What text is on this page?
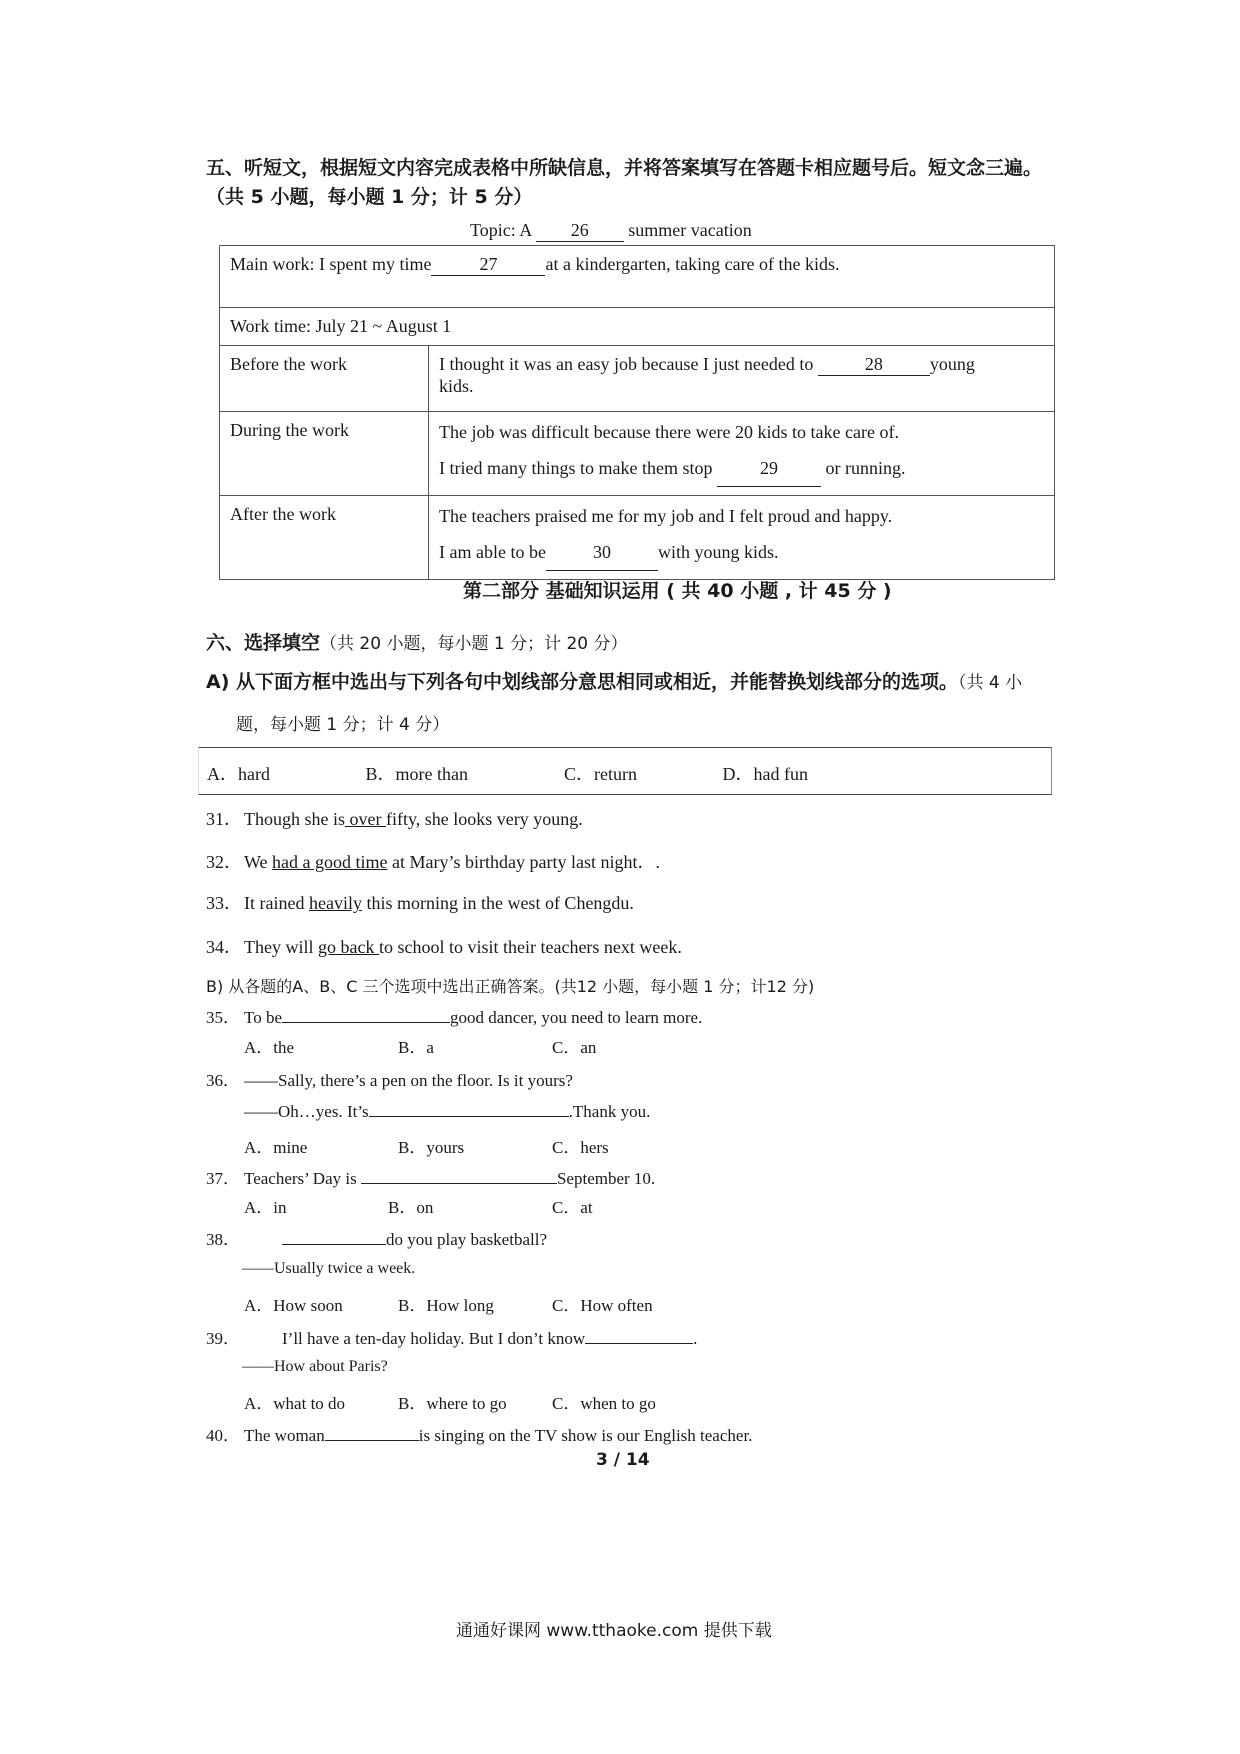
五、听短文，根据短文内容完成表格中所缺信息，并将答案填写在答题卡相应题号后。短文念三遍。
（共 5 小题，每小题 1 分；计 5 分）
Topic: A 26 summer vacation
Main work: I spent my time 27 at a kindergarten, taking care of the kids.	
Work time: July 21 ~ August 1	
Before the work	I thought it was an easy job because I just needed to 28 young
kids.
During the work	The job was difficult because there were 20 kids to take care of.
I tried many things to make them stop 29 or running.
After the work	The teachers praised me for my job and I felt proud and happy.
I am able to be 30 with young kids.
第二部分 基础知识运用 ( 共 40 小题 , 计 45 分 )
六、选择填空（共 20 小题，每小题 1 分；计 20 分）
A) 从下面方框中选出与下列各句中划线部分意思相同或相近，并能替换划线部分的选项。（共 4 小
题，每小题 1 分；计 4 分）
A．hard	B．more than	C．return	D．had fun
31． Though she is over fifty, she looks very young.
32． We had a good time at Mary’s birthday party last night．.
33． It rained heavily this morning in the west of Chengdu.
34． They will go back to school to visit their teachers next week.
B) 从各题的A、B、C 三个选项中选出正确答案。(共12 小题，每小题 1 分；计12 分)
35． To be	good dancer, you need to learn more.
A．the	B．a	C．an
36． ——Sally, there’s a pen on the floor. Is it yours?
——Oh…yes. It’s	.Thank you.
A．mine	B．yours	C．hers
37． Teachers’ Day is	September 10.
A．in	B．on	C．at
38．	do you play basketball?
——Usually twice a week.
A．How soon	B．How long	C．How often
39． I’ll have a ten-day holiday. But I don’t know	.
——How about Paris?
A．what to do	B．where to go	C．when to go
40． The woman	is singing on the TV show is our English teacher.
3 / 14
通通好课网 www.tthaoke.com 提供下载
